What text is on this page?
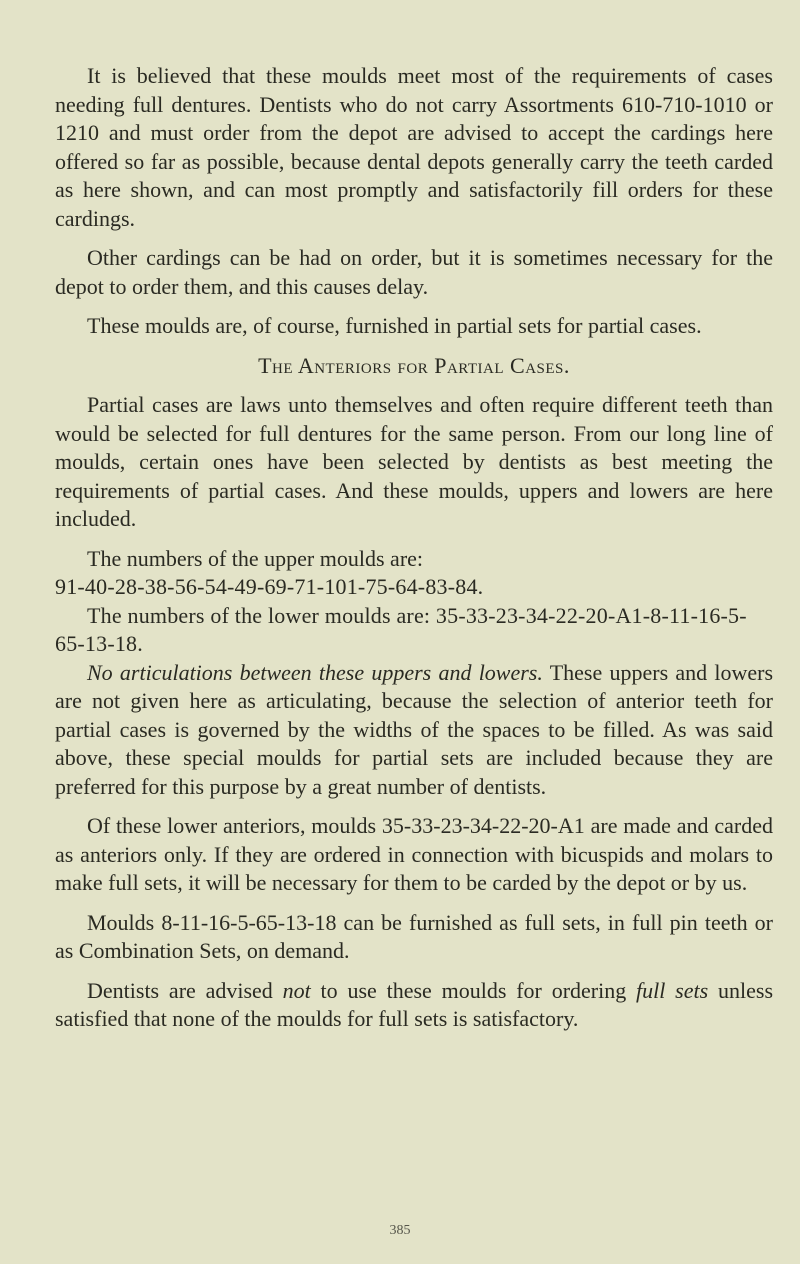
It is believed that these moulds meet most of the requirements of cases needing full dentures. Dentists who do not carry Assortments 610-710-1010 or 1210 and must order from the depot are advised to accept the cardings here offered so far as possible, because dental depots generally carry the teeth carded as here shown, and can most promptly and satisfactorily fill orders for these cardings.

Other cardings can be had on order, but it is sometimes necessary for the depot to order them, and this causes delay.

These moulds are, of course, furnished in partial sets for partial cases.

The Anteriors for Partial Cases.

Partial cases are laws unto themselves and often require different teeth than would be selected for full dentures for the same person. From our long line of moulds, certain ones have been selected by dentists as best meeting the requirements of partial cases. And these moulds, uppers and lowers are here included.

The numbers of the upper moulds are:

91-40-28-38-56-54-49-69-71-101-75-64-83-84.

The numbers of the lower moulds are: 35-33-23-34-22-20-A1-8-11-16-5-65-13-18.

No articulations between these uppers and lowers. These uppers and lowers are not given here as articulating, because the selection of anterior teeth for partial cases is governed by the widths of the spaces to be filled. As was said above, these special moulds for partial sets are included because they are preferred for this purpose by a great number of dentists.

Of these lower anteriors, moulds 35-33-23-34-22-20-A1 are made and carded as anteriors only. If they are ordered in connection with bicuspids and molars to make full sets, it will be necessary for them to be carded by the depot or by us.

Moulds 8-11-16-5-65-13-18 can be furnished as full sets, in full pin teeth or as Combination Sets, on demand.

Dentists are advised not to use these moulds for ordering full sets unless satisfied that none of the moulds for full sets is satisfactory.

385
